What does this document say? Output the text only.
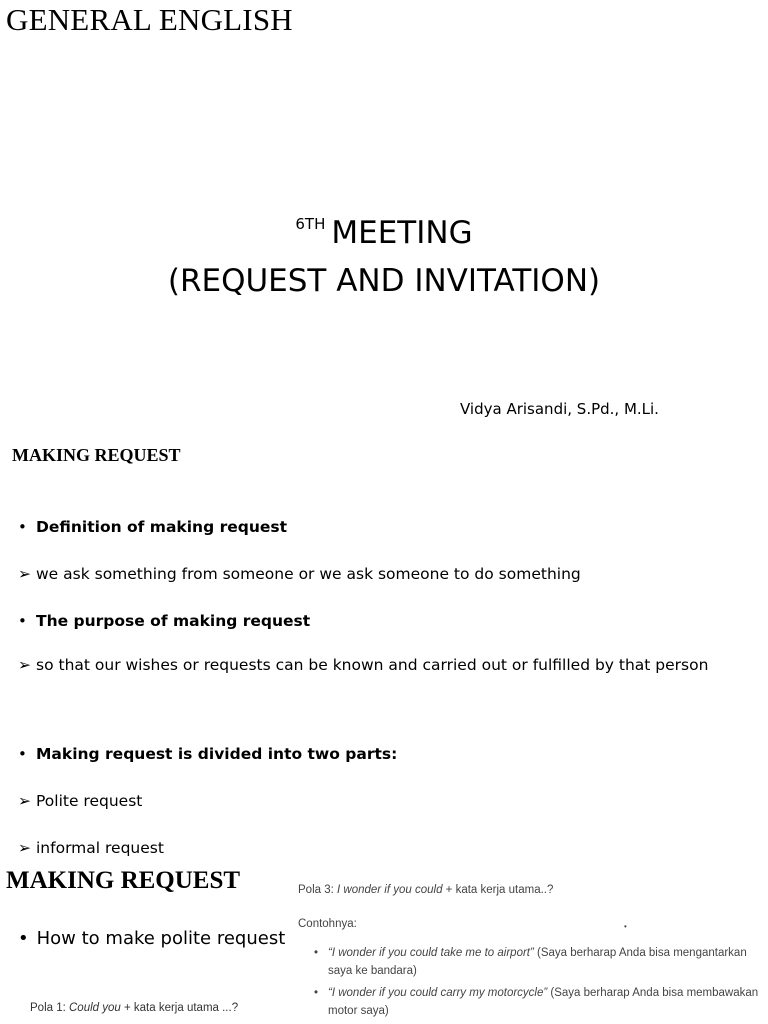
GENERAL ENGLISH
$^{6TH}$ MEETING
(REQUEST AND INVITATION)
Vidya Arisandi, S.Pd., M.Li.
MAKING REQUEST
• Definition of making request
➢ we ask something from someone or we ask someone to do something
• The purpose of making request
➢ so that our wishes or requests can be known and carried out or fulfilled by that person
• Making request is divided into two parts:
➢ Polite request
➢ informal request
MAKING REQUEST
• How to make polite request
Pola 1: Could you + kata kerja utama ...?
Pola 3: I wonder if you could + kata kerja utama..?
Contohnya:	•
• “I wonder if you could take me to airport” (Saya berharap Anda bisa mengantarkan saya ke bandara)
• “I wonder if you could carry my motorcycle” (Saya berharap Anda bisa membawakan motor saya)
